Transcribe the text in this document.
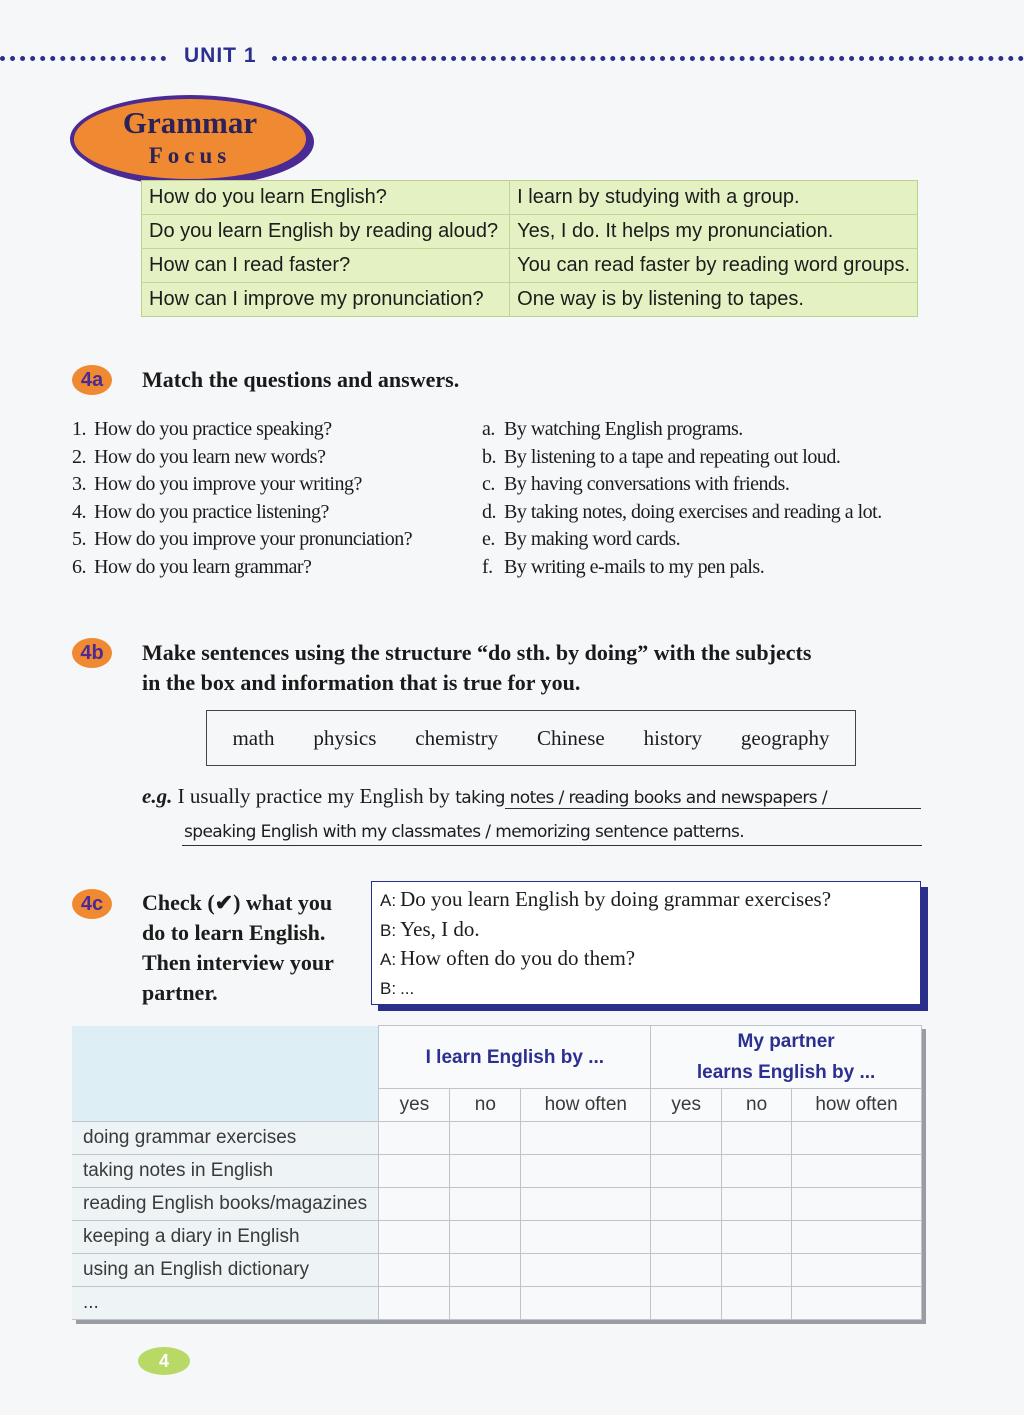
UNIT 1
Grammar
Focus
How do you learn English?	I learn by studying with a group.
Do you learn English by reading aloud?	Yes, I do. It helps my pronunciation.
How can I read faster?	You can read faster by reading word groups.
How can I improve my pronunciation?	One way is by listening to tapes.
4a	Match the questions and answers.
1. How do you practice speaking?
2. How do you learn new words?
3. How do you improve your writing?
4. How do you practice listening?
5. How do you improve your pronunciation?
6. How do you learn grammar?
a. By watching English programs.
b. By listening to a tape and repeating out loud.
c. By having conversations with friends.
d. By taking notes, doing exercises and reading a lot.
e. By making word cards.
f. By writing e-mails to my pen pals.
4b	Make sentences using the structure “do sth. by doing” with the subjects
in the box and information that is true for you.
math physics chemistry Chinese history geography
e.g. I usually practice my English by taking notes / reading books and newspapers /
speaking English with my classmates / memorizing sentence patterns.
4c	Check (✔) what you
do to learn English.
Then interview your
partner.
A: Do you learn English by doing grammar exercises?
B: Yes, I do.
A: How often do you do them?
B: ...
	I learn English by ...			My partner
learns English by ...		

	yes	no	how often	yes	no	how often
doing grammar exercises						
taking notes in English						
reading English books/magazines						
keeping a diary in English						
using an English dictionary						
...						
4
